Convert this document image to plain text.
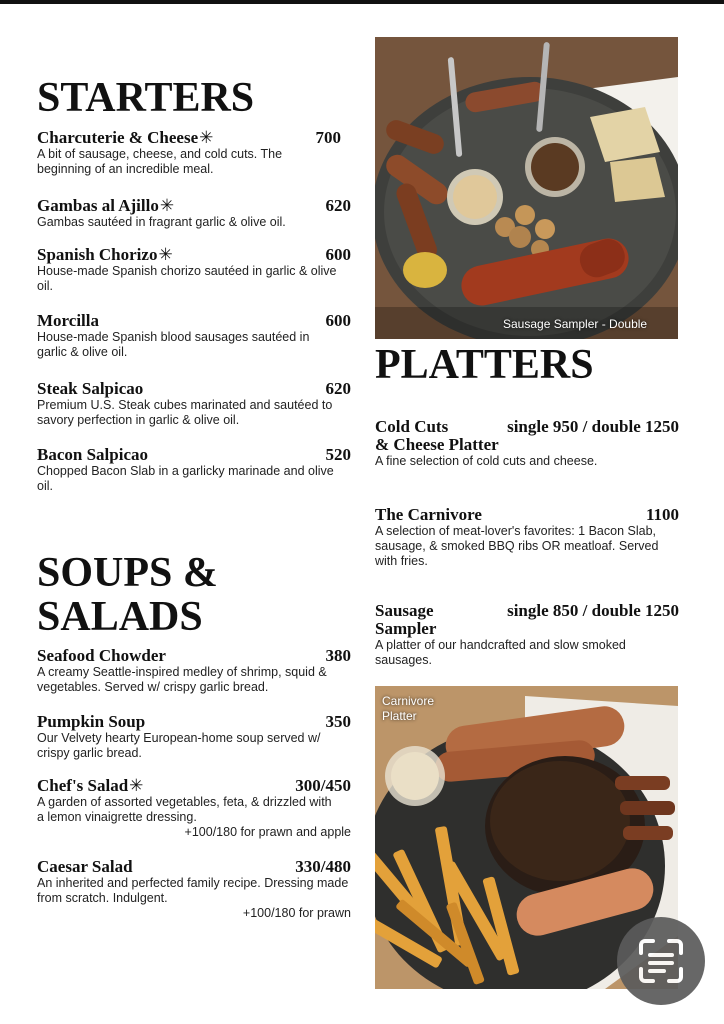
STARTERS
Charcuterie & Cheese✳	700

A bit of sausage, cheese, and cold cuts. The beginning of an incredible meal.

Gambas al Ajillo✳	620

Gambas sautéed in fragrant garlic & olive oil.

Spanish Chorizo✳	600

House-made Spanish chorizo sautéed in garlic & olive oil.

Morcilla	600

House-made Spanish blood sausages sautéed in garlic & olive oil.

Steak Salpicao	620

Premium U.S. Steak cubes marinated and sautéed to savory perfection in garlic & olive oil.

Bacon Salpicao	520

Chopped Bacon Slab in a garlicky marinade and olive oil.

SOUPS &
SALADS
Seafood Chowder	380

A creamy Seattle-inspired medley of shrimp, squid & vegetables. Served w/ crispy garlic bread.

Pumpkin Soup	350

Our Velvety hearty European-home soup served w/ crispy garlic bread.

Chef's Salad✳	300/450

A garden of assorted vegetables, feta, & drizzled with a lemon vinaigrette dressing.

+100/180 for prawn and apple
Caesar Salad	330/480

An inherited and perfected family recipe. Dressing made from scratch. Indulgent.

+100/180 for prawn
Sausage Sampler - Double
PLATTERS
Cold Cuts
& Cheese Platter
single 950 / double 1250

A fine selection of cold cuts and cheese.

The Carnivore	1100

A selection of meat-lover's favorites: 1 Bacon Slab, sausage, & smoked BBQ ribs OR meatloaf. Served with fries.

Sausage
Sampler
single 850 / double 1250

A platter of our handcrafted and slow smoked sausages.

Carnivore
Platter
